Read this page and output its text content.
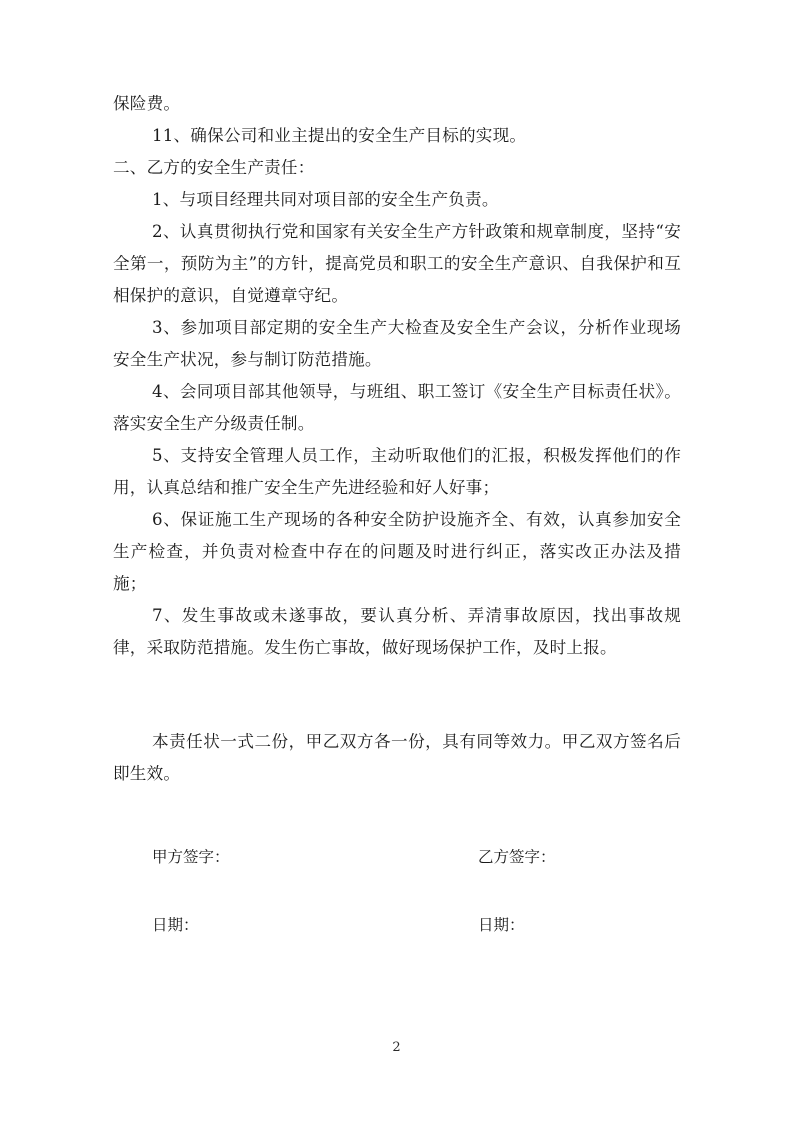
保险费。

11、确保公司和业主提出的安全生产目标的实现。

二、乙方的安全生产责任：

1、与项目经理共同对项目部的安全生产负责。

2、认真贯彻执行党和国家有关安全生产方针政策和规章制度，坚持“安全第一，预防为主”的方针，提高党员和职工的安全生产意识、自我保护和互相保护的意识，自觉遵章守纪。

3、参加项目部定期的安全生产大检查及安全生产会议，分析作业现场安全生产状况，参与制订防范措施。

4、会同项目部其他领导，与班组、职工签订《安全生产目标责任状》。落实安全生产分级责任制。

5、支持安全管理人员工作，主动听取他们的汇报，积极发挥他们的作用，认真总结和推广安全生产先进经验和好人好事；

6、保证施工生产现场的各种安全防护设施齐全、有效，认真参加安全生产检查，并负责对检查中存在的问题及时进行纠正，落实改正办法及措施；

7、发生事故或未遂事故，要认真分析、弄清事故原因，找出事故规律，采取防范措施。发生伤亡事故，做好现场保护工作，及时上报。

本责任状一式二份，甲乙双方各一份，具有同等效力。甲乙双方签名后即生效。

甲方签字：	乙方签字：
日期：	日期：
2
